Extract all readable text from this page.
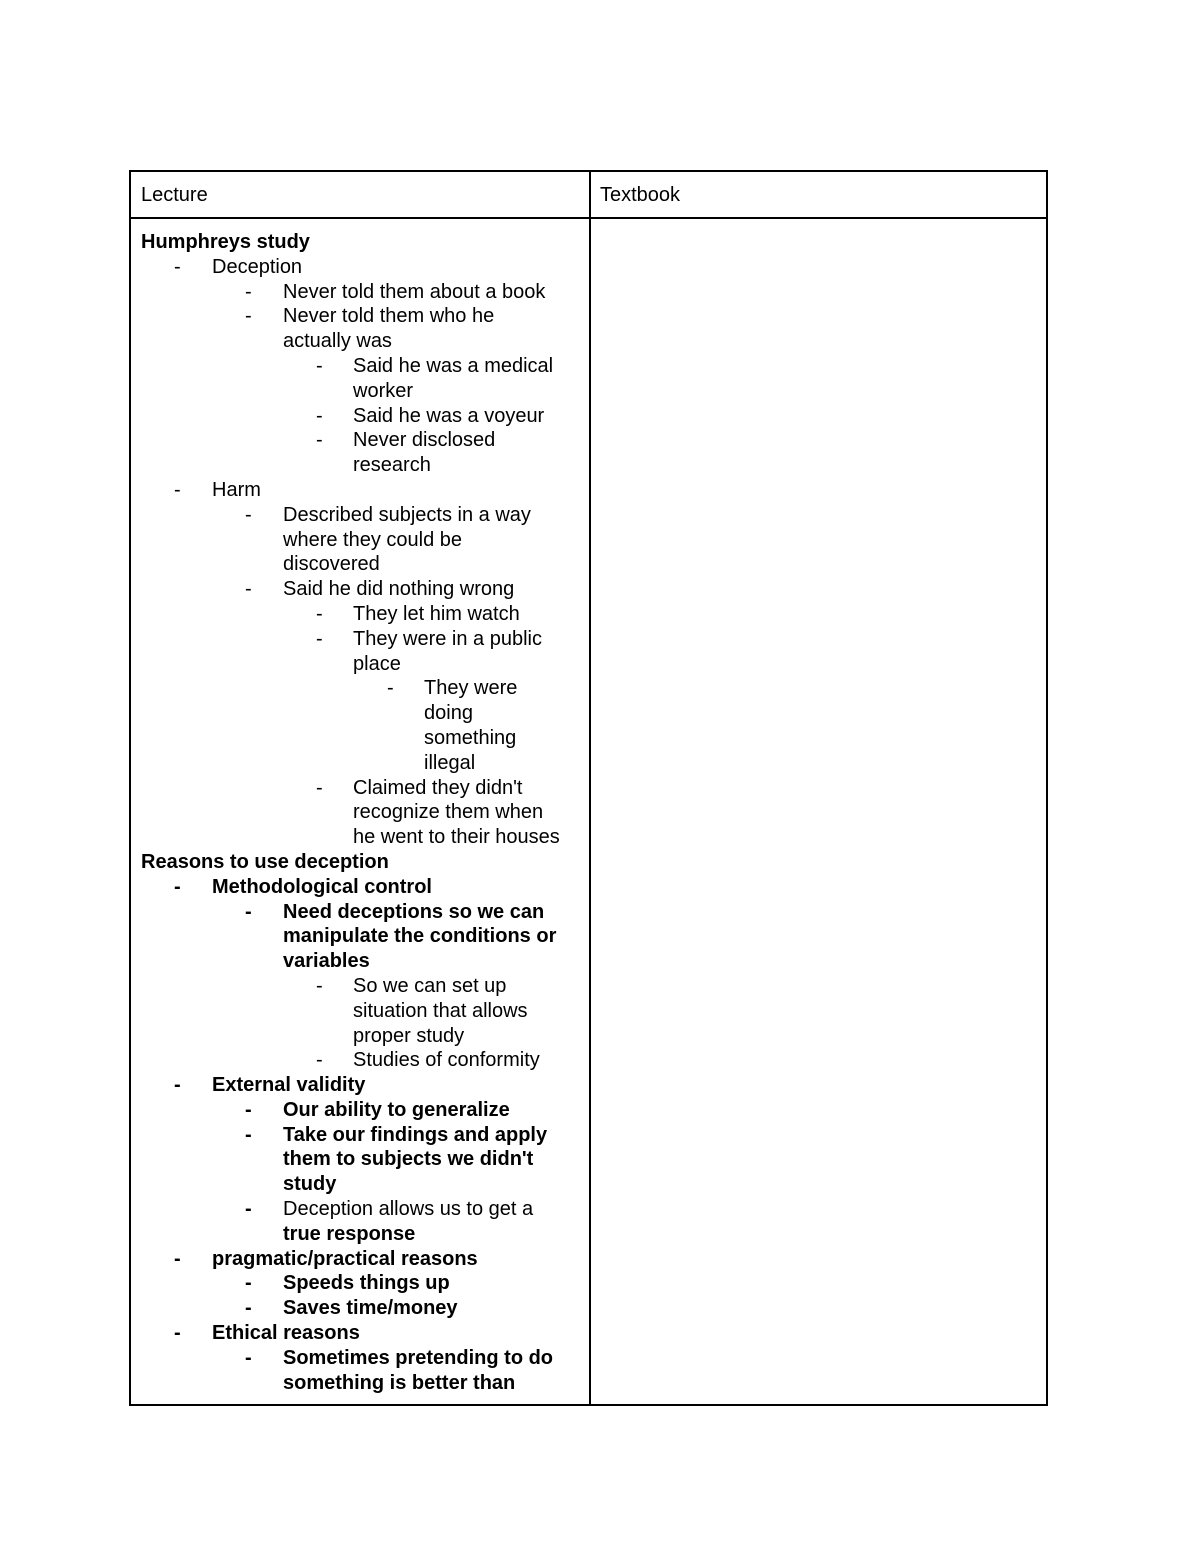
Lecture	Textbook
Humphreys study
-	Deception
-	Never told them about a book
-	Never told them who he
actually was
-	Said he was a medical
worker
-	Said he was a voyeur
-	Never disclosed
research
-	Harm
-	Described subjects in a way
where they could be
discovered
-	Said he did nothing wrong
-	They let him watch
-	They were in a public
place
-	They were
doing
something
illegal
-	Claimed they didn't
recognize them when
he went to their houses
Reasons to use deception
-	Methodological control
-	Need deceptions so we can
manipulate the conditions or
variables
-	So we can set up
situation that allows
proper study
-	Studies of conformity
-	External validity
-	Our ability to generalize
-	Take our findings and apply
them to subjects we didn't
study
-	Deception allows us to get a
true response
-	pragmatic/practical reasons
-	Speeds things up
-	Saves time/money
-	Ethical reasons
-	Sometimes pretending to do
something is better than
